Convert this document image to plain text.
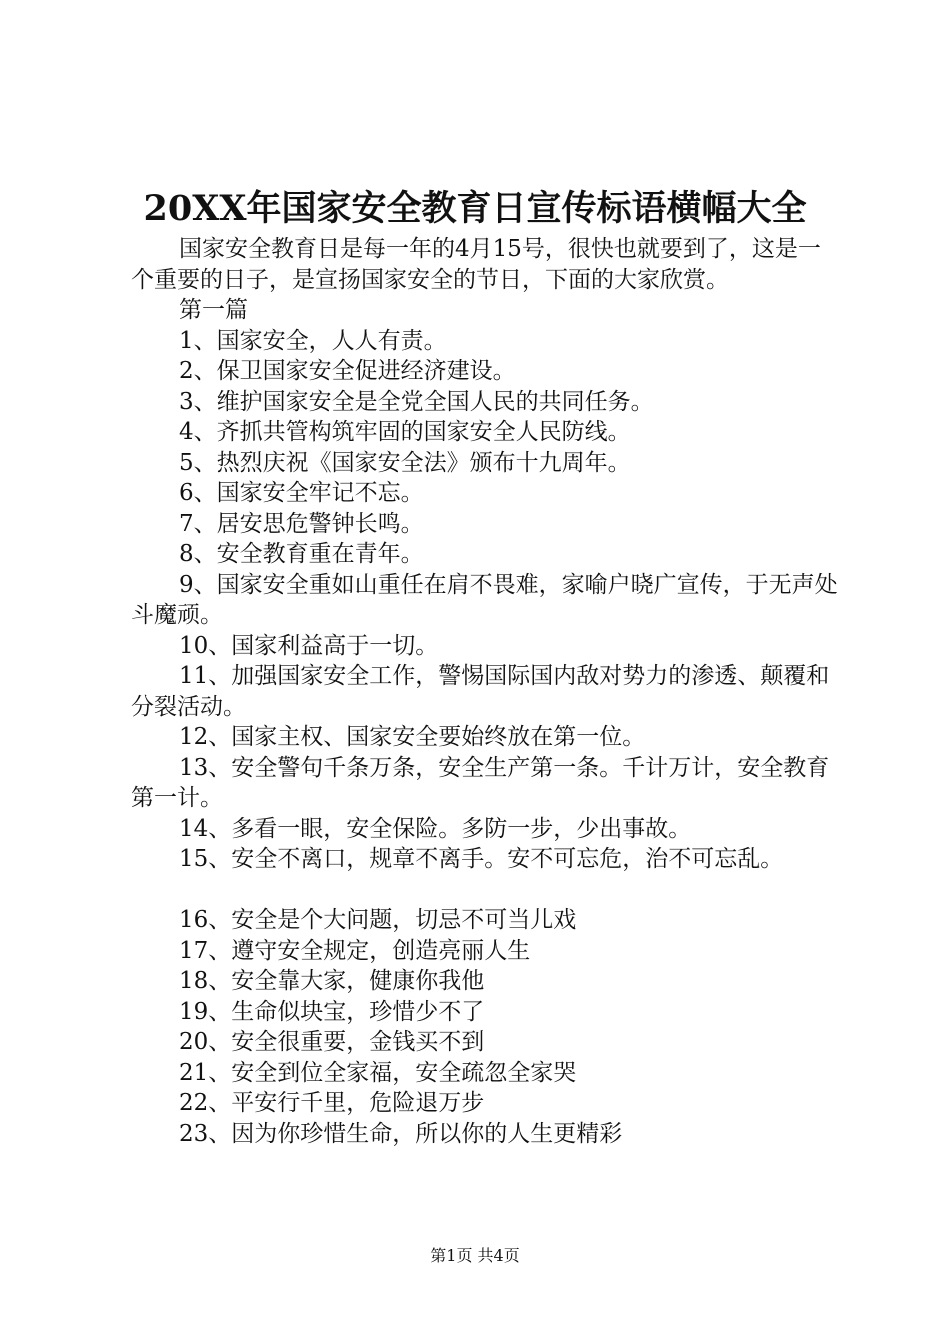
20XX年国家安全教育日宣传标语横幅大全

国家安全教育日是每一年的4月15号，很快也就要到了，这是一个重要的日子，是宣扬国家安全的节日，下面的大家欣赏。

第一篇

1、国家安全，人人有责。

2、保卫国家安全促进经济建设。

3、维护国家安全是全党全国人民的共同任务。

4、齐抓共管构筑牢固的国家安全人民防线。

5、热烈庆祝《国家安全法》颁布十九周年。

6、国家安全牢记不忘。

7、居安思危警钟长鸣。

8、安全教育重在青年。

9、国家安全重如山重任在肩不畏难，家喻户晓广宣传，于无声处斗魔顽。

10、国家利益高于一切。

11、加强国家安全工作，警惕国际国内敌对势力的渗透、颠覆和分裂活动。

12、国家主权、国家安全要始终放在第一位。

13、安全警句千条万条，安全生产第一条。千计万计，安全教育第一计。

14、多看一眼，安全保险。多防一步，少出事故。

15、安全不离口，规章不离手。安不可忘危，治不可忘乱。

16、安全是个大问题，切忌不可当儿戏

17、遵守安全规定，创造亮丽人生

18、安全靠大家，健康你我他

19、生命似块宝，珍惜少不了

20、安全很重要，金钱买不到

21、安全到位全家福，安全疏忽全家哭

22、平安行千里，危险退万步

23、因为你珍惜生命，所以你的人生更精彩

第1页 共4页
